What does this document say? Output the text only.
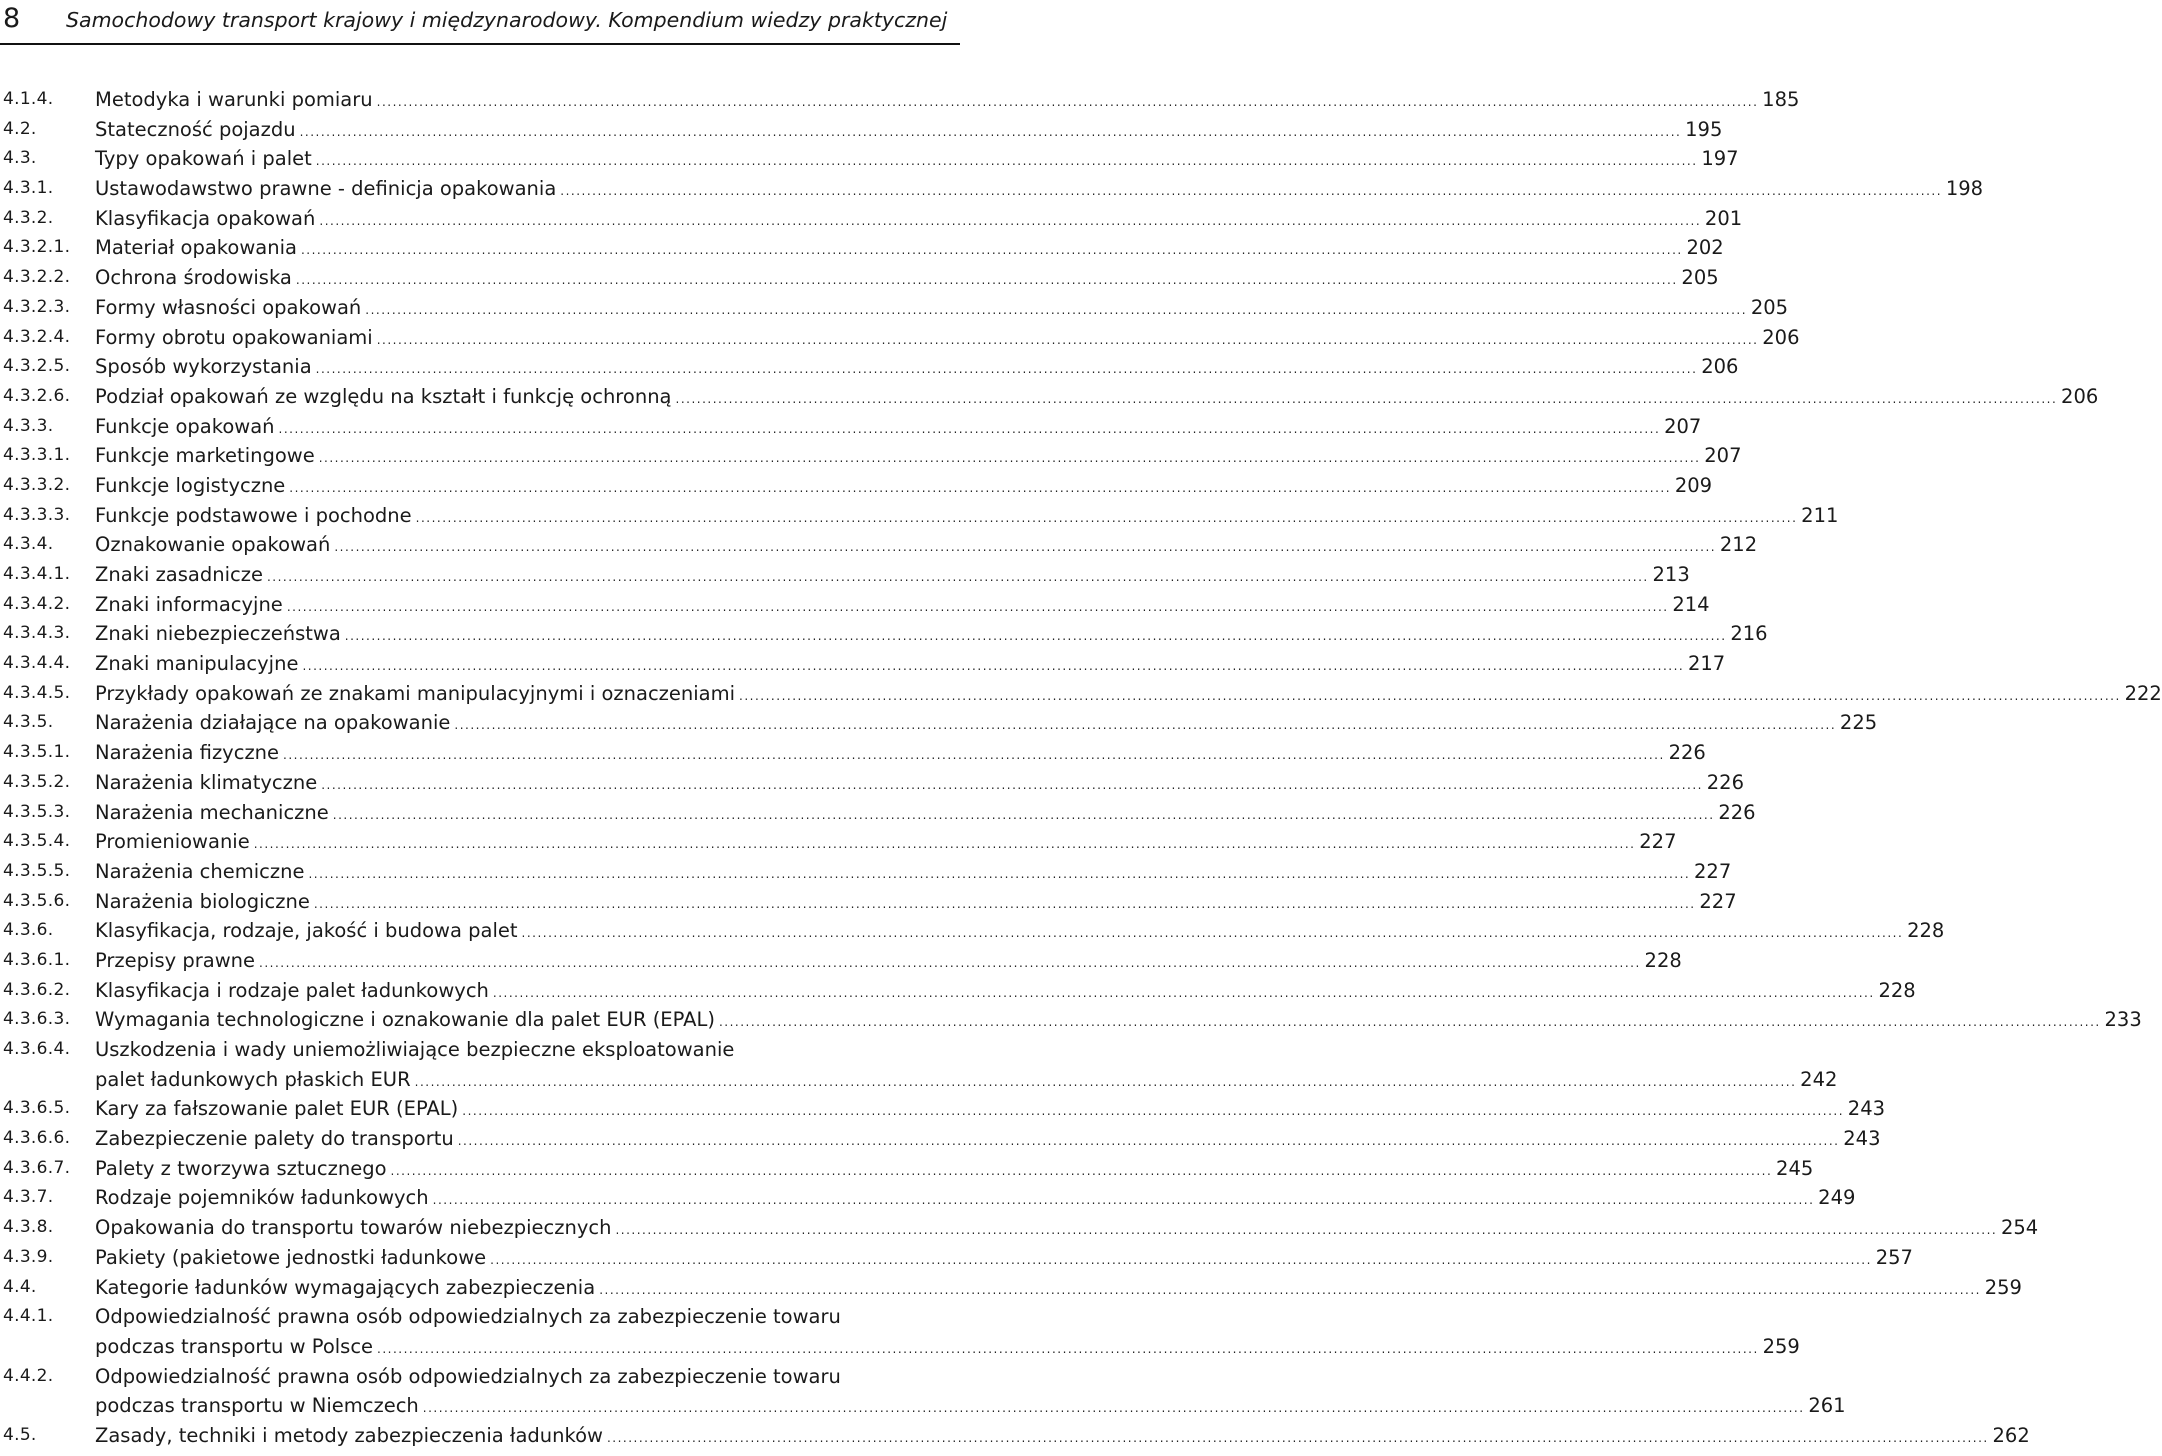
8 Samochodowy transport krajowy i międzynarodowy. Kompendium wiedzy praktycznej
4.1.4. Metodyka i warunki pomiaru .................................................................................................................................................................................................................................................................... 185
4.2.	Stateczność pojazdu .................................................................................................................................................................................................................................................................... 195
4.3.	Typy opakowań i palet .................................................................................................................................................................................................................................................................... 197
4.3.1. Ustawodawstwo prawne - definicja opakowania .................................................................................................................................................................................................................................................................... 198
4.3.2. Klasyfikacja opakowań .................................................................................................................................................................................................................................................................... 201
4.3.2.1. Materiał opakowania .................................................................................................................................................................................................................................................................... 202
4.3.2.2. Ochrona środowiska .................................................................................................................................................................................................................................................................... 205
4.3.2.3. Formy własności opakowań .................................................................................................................................................................................................................................................................... 205
4.3.2.4. Formy obrotu opakowaniami .................................................................................................................................................................................................................................................................... 206
4.3.2.5. Sposób wykorzystania .................................................................................................................................................................................................................................................................... 206
4.3.2.6. Podział opakowań ze względu na kształt i funkcję ochronną .................................................................................................................................................................................................................................................................... 206
4.3.3. Funkcje opakowań .................................................................................................................................................................................................................................................................... 207
4.3.3.1. Funkcje marketingowe .................................................................................................................................................................................................................................................................... 207
4.3.3.2. Funkcje logistyczne .................................................................................................................................................................................................................................................................... 209
4.3.3.3. Funkcje podstawowe i pochodne .................................................................................................................................................................................................................................................................... 211
4.3.4. Oznakowanie opakowań .................................................................................................................................................................................................................................................................... 212
4.3.4.1. Znaki zasadnicze .................................................................................................................................................................................................................................................................... 213
4.3.4.2. Znaki informacyjne .................................................................................................................................................................................................................................................................... 214
4.3.4.3. Znaki niebezpieczeństwa .................................................................................................................................................................................................................................................................... 216
4.3.4.4. Znaki manipulacyjne .................................................................................................................................................................................................................................................................... 217
4.3.4.5. Przykłady opakowań ze znakami manipulacyjnymi i oznaczeniami .................................................................................................................................................................................................................................................................... 222
4.3.5. Narażenia działające na opakowanie .................................................................................................................................................................................................................................................................... 225
4.3.5.1. Narażenia fizyczne .................................................................................................................................................................................................................................................................... 226
4.3.5.2. Narażenia klimatyczne .................................................................................................................................................................................................................................................................... 226
4.3.5.3. Narażenia mechaniczne .................................................................................................................................................................................................................................................................... 226
4.3.5.4. Promieniowanie .................................................................................................................................................................................................................................................................... 227
4.3.5.5. Narażenia chemiczne .................................................................................................................................................................................................................................................................... 227
4.3.5.6. Narażenia biologiczne .................................................................................................................................................................................................................................................................... 227
4.3.6. Klasyfikacja, rodzaje, jakość i budowa palet .................................................................................................................................................................................................................................................................... 228
4.3.6.1. Przepisy prawne .................................................................................................................................................................................................................................................................... 228
4.3.6.2. Klasyfikacja i rodzaje palet ładunkowych .................................................................................................................................................................................................................................................................... 228
4.3.6.3. Wymagania technologiczne i oznakowanie dla palet EUR (EPAL) .................................................................................................................................................................................................................................................................... 233
4.3.6.4. Uszkodzenia i wady uniemożliwiające bezpieczne eksploatowanie
palet ładunkowych płaskich EUR .................................................................................................................................................................................................................................................................... 242
4.3.6.5. Kary za fałszowanie palet EUR (EPAL) .................................................................................................................................................................................................................................................................... 243
4.3.6.6. Zabezpieczenie palety do transportu .................................................................................................................................................................................................................................................................... 243
4.3.6.7. Palety z tworzywa sztucznego .................................................................................................................................................................................................................................................................... 245
4.3.7. Rodzaje pojemników ładunkowych .................................................................................................................................................................................................................................................................... 249
4.3.8. Opakowania do transportu towarów niebezpiecznych .................................................................................................................................................................................................................................................................... 254
4.3.9. Pakiety (pakietowe jednostki ładunkowe .................................................................................................................................................................................................................................................................... 257
4.4.	Kategorie ładunków wymagających zabezpieczenia .................................................................................................................................................................................................................................................................... 259
4.4.1. Odpowiedzialność prawna osób odpowiedzialnych za zabezpieczenie towaru
podczas transportu w Polsce .................................................................................................................................................................................................................................................................... 259
4.4.2. Odpowiedzialność prawna osób odpowiedzialnych za zabezpieczenie towaru
podczas transportu w Niemczech .................................................................................................................................................................................................................................................................... 261
4.5.	Zasady, techniki i metody zabezpieczenia ładunków .................................................................................................................................................................................................................................................................... 262
